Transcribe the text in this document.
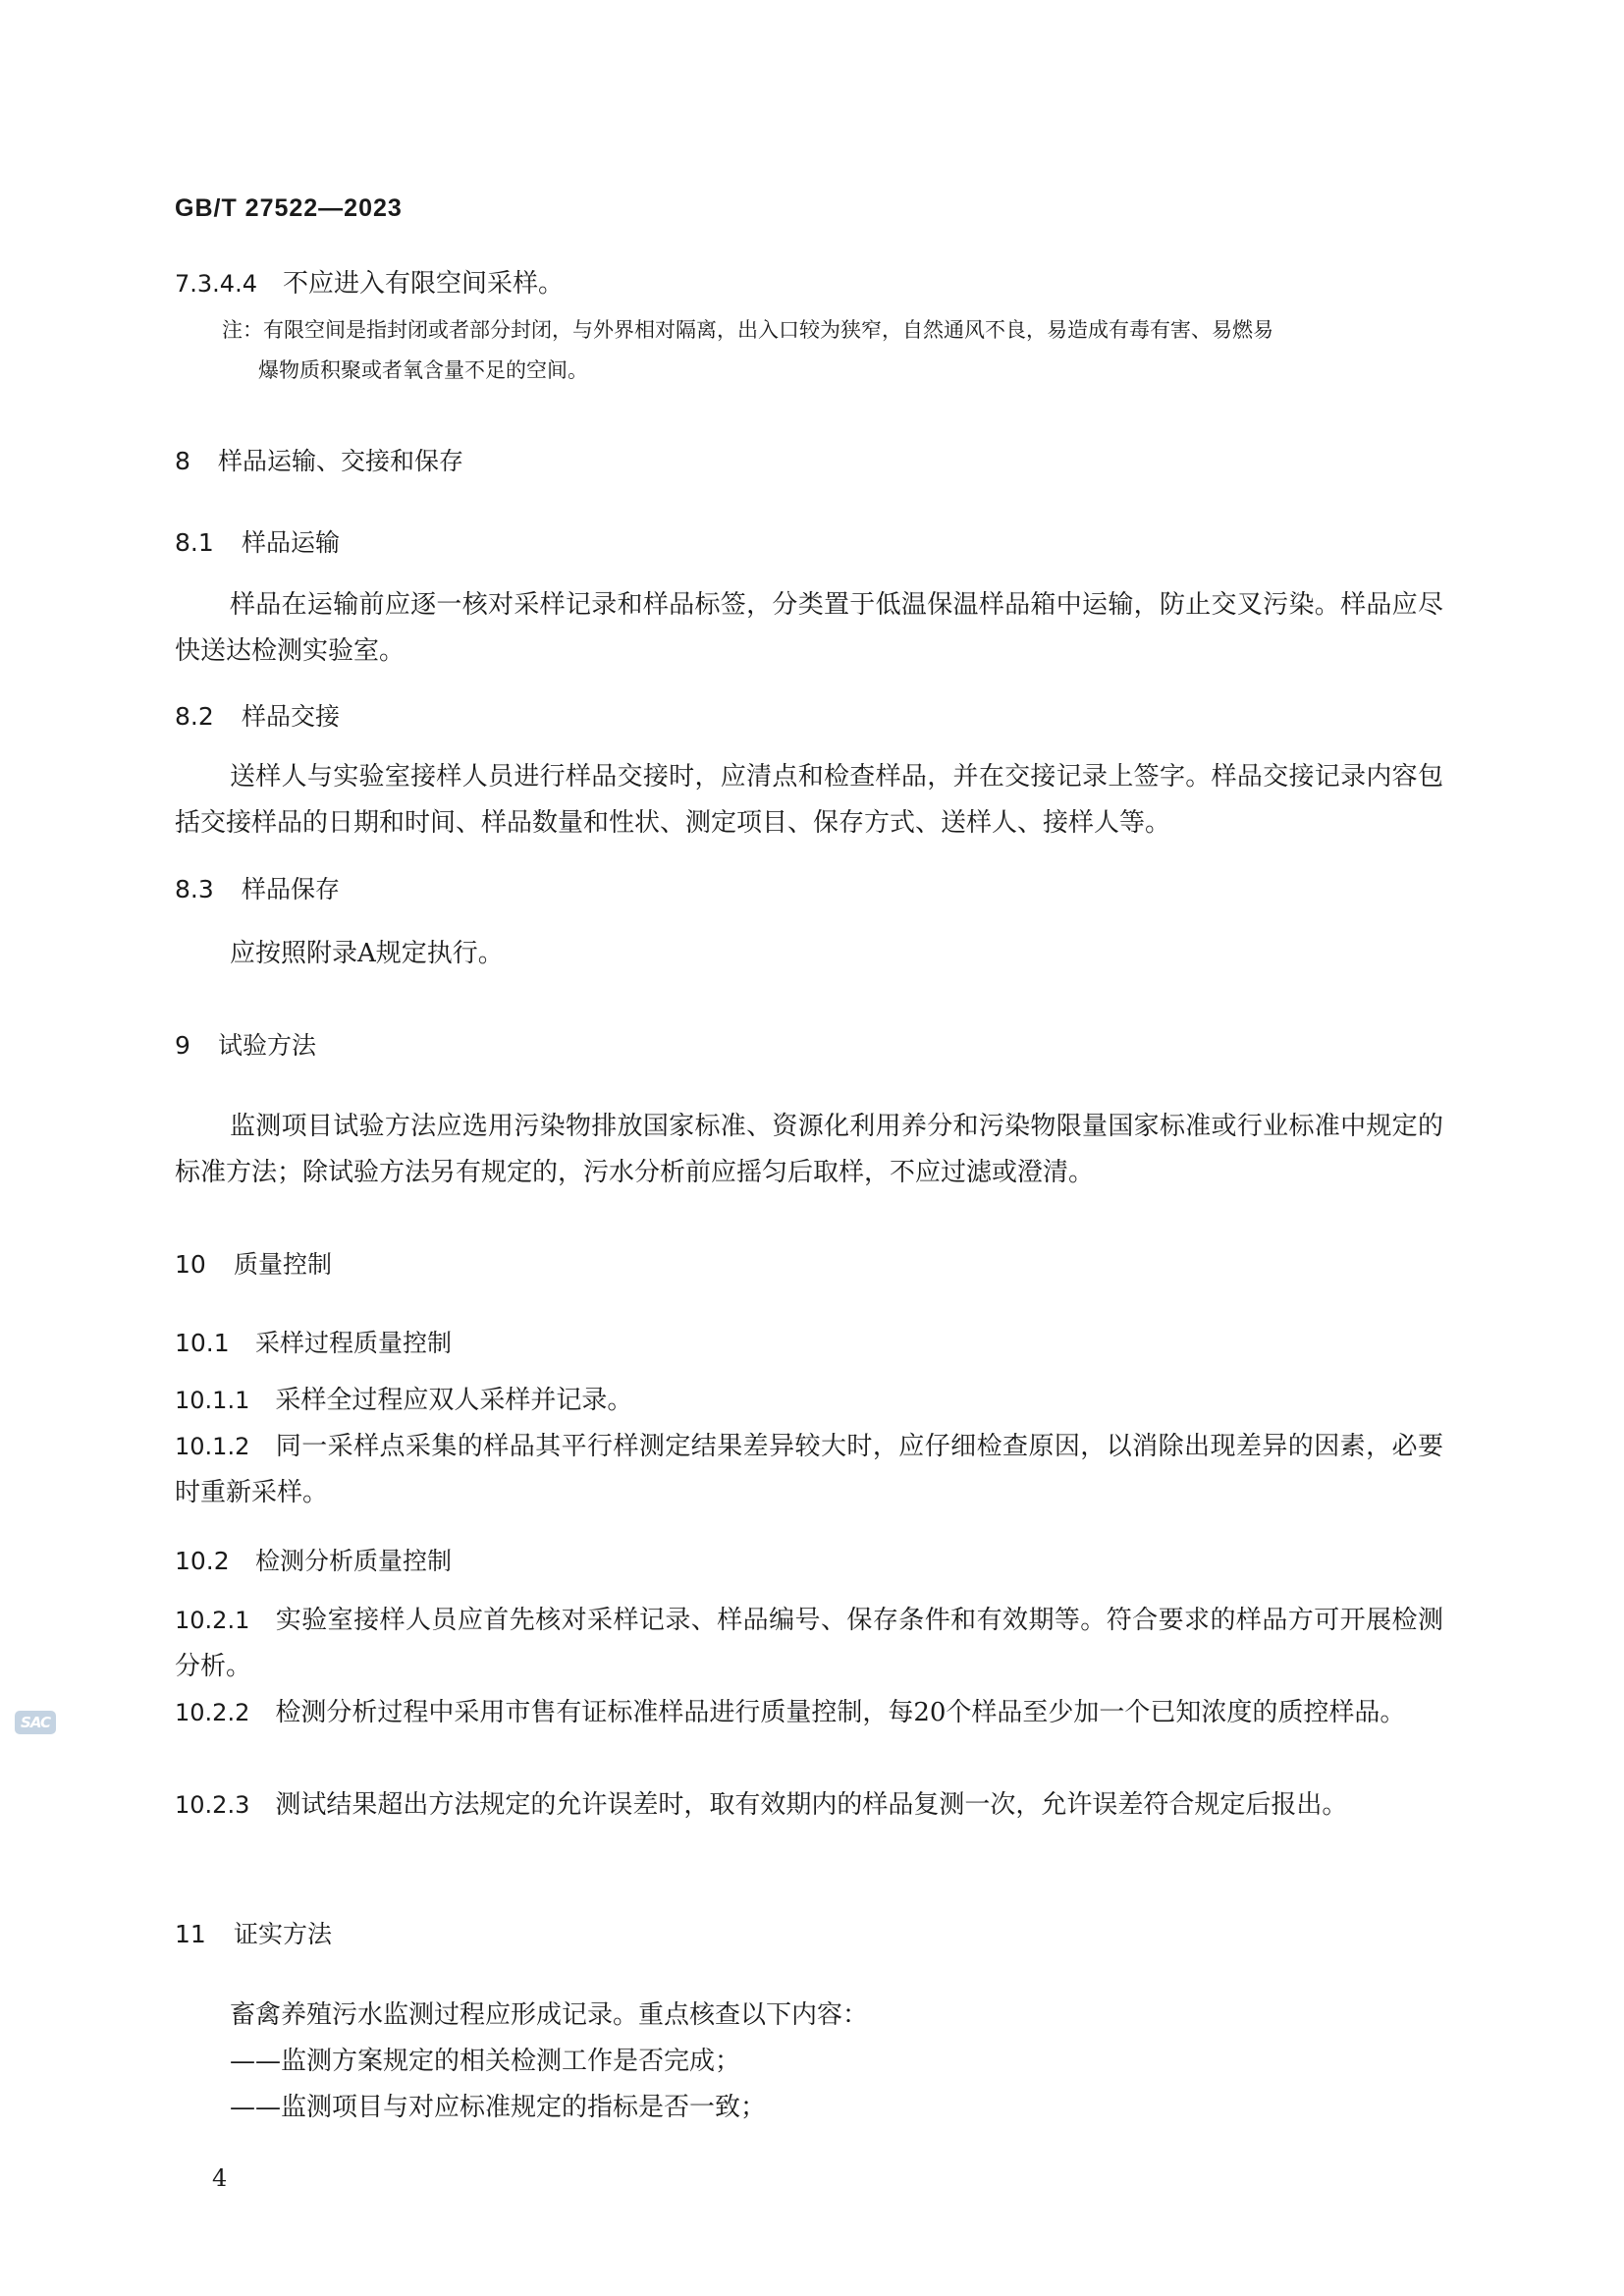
GB/T 27522—2023
7.3.4.4 不应进入有限空间采样。
注：有限空间是指封闭或者部分封闭，与外界相对隔离，出入口较为狭窄，自然通风不良，易造成有毒有害、易燃易
爆物质积聚或者氧含量不足的空间。
8 样品运输、交接和保存
8.1 样品运输
样品在运输前应逐一核对采样记录和样品标签，分类置于低温保温样品箱中运输，防止交叉污染。样品应尽快送达检测实验室。
8.2 样品交接
送样人与实验室接样人员进行样品交接时，应清点和检查样品，并在交接记录上签字。样品交接记录内容包括交接样品的日期和时间、样品数量和性状、测定项目、保存方式、送样人、接样人等。
8.3 样品保存
应按照附录A规定执行。
9 试验方法
监测项目试验方法应选用污染物排放国家标准、资源化利用养分和污染物限量国家标准或行业标准中规定的标准方法；除试验方法另有规定的，污水分析前应摇匀后取样，不应过滤或澄清。
10 质量控制
10.1 采样过程质量控制
10.1.1 采样全过程应双人采样并记录。
10.1.2 同一采样点采集的样品其平行样测定结果差异较大时，应仔细检查原因，以消除出现差异的因素，必要时重新采样。
10.2 检测分析质量控制
10.2.1 实验室接样人员应首先核对采样记录、样品编号、保存条件和有效期等。符合要求的样品方可开展检测分析。
10.2.2 检测分析过程中采用市售有证标准样品进行质量控制，每20个样品至少加一个已知浓度的质控样品。
10.2.3 测试结果超出方法规定的允许误差时，取有效期内的样品复测一次，允许误差符合规定后报出。
11 证实方法
畜禽养殖污水监测过程应形成记录。重点核查以下内容：
——监测方案规定的相关检测工作是否完成；
——监测项目与对应标准规定的指标是否一致；
4
SAC
